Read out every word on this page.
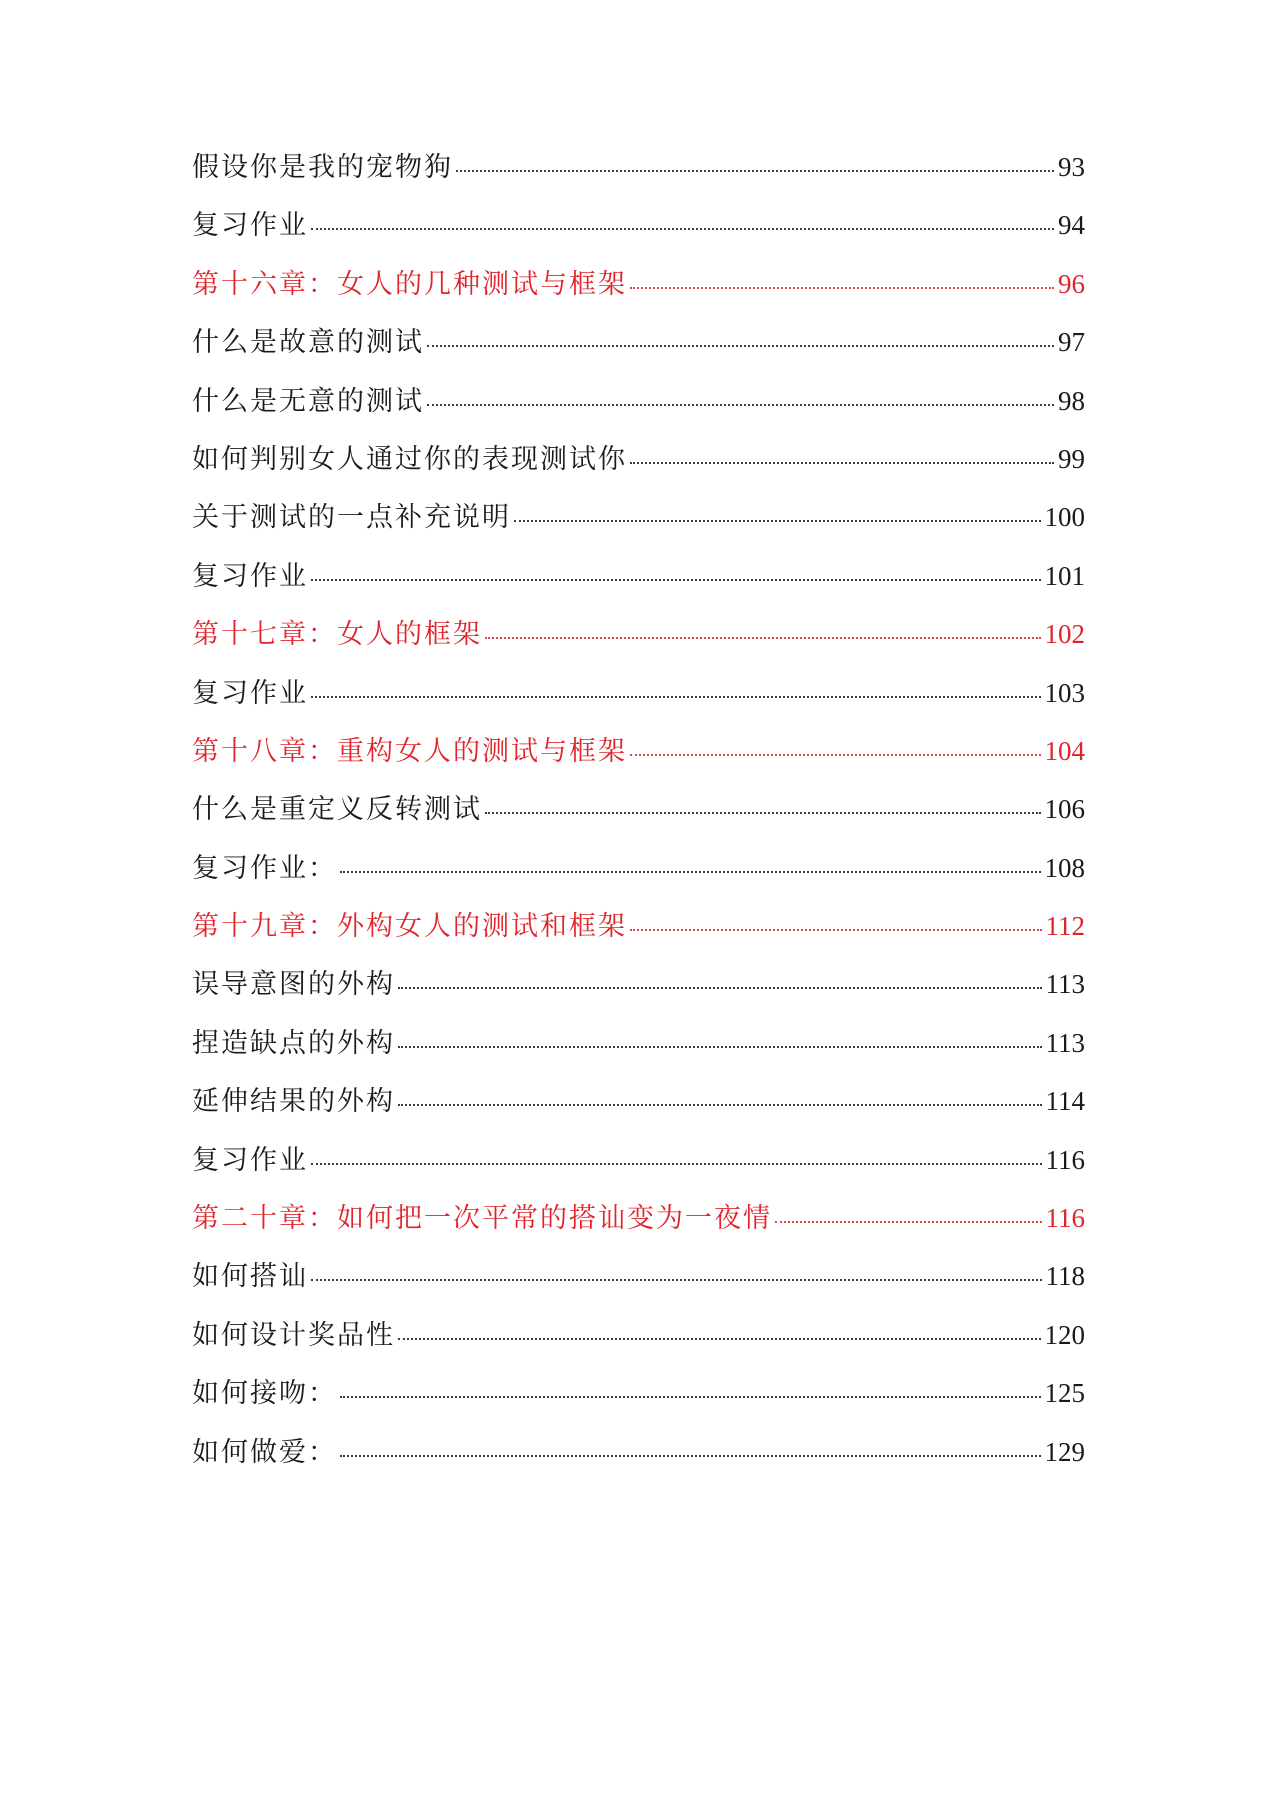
假设你是我的宠物狗	93
复习作业	94
第十六章：女人的几种测试与框架	96
什么是故意的测试	97
什么是无意的测试	98
如何判别女人通过你的表现测试你	99
关于测试的一点补充说明	100
复习作业	101
第十七章：女人的框架	102
复习作业	103
第十八章：重构女人的测试与框架	104
什么是重定义反转测试	106
复习作业：	108
第十九章：外构女人的测试和框架	112
误导意图的外构	113
捏造缺点的外构	113
延伸结果的外构	114
复习作业	116
第二十章：如何把一次平常的搭讪变为一夜情	116
如何搭讪	118
如何设计奖品性	120
如何接吻：	125
如何做爱：	129
